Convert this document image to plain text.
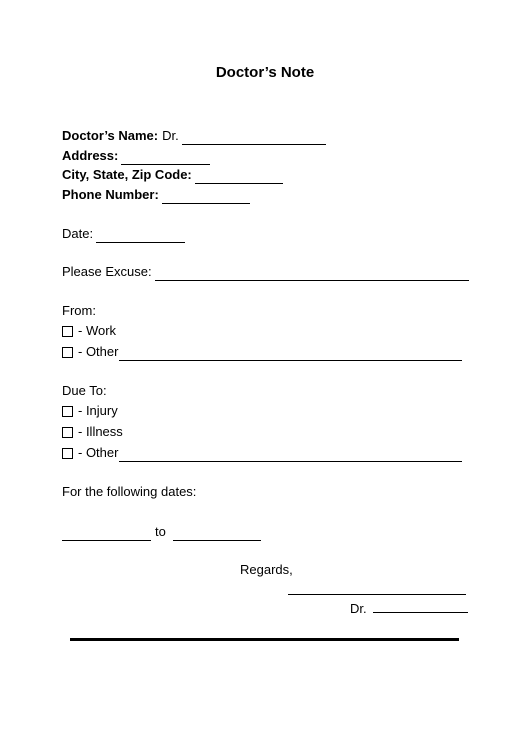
Doctor’s Note
Doctor’s Name: Dr.
Address:
City, State, Zip Code:
Phone Number:
Date:
Please Excuse:
From:
- Work
- Other
Due To:
- Injury
- Illness
- Other
For the following dates:
to
Regards,
Dr.
